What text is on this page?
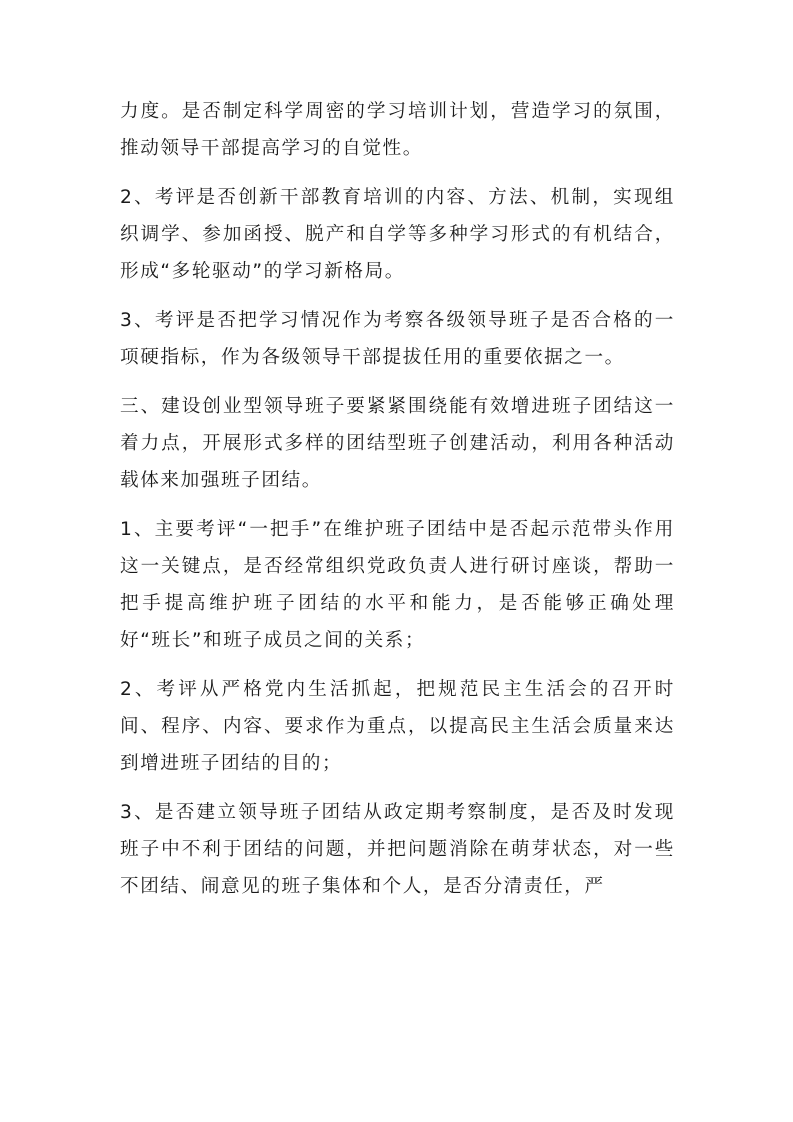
力度。是否制定科学周密的学习培训计划，营造学习的氛围，推动领导干部提高学习的自觉性。

2、考评是否创新干部教育培训的内容、方法、机制，实现组织调学、参加函授、脱产和自学等多种学习形式的有机结合，形成“多轮驱动”的学习新格局。

3、考评是否把学习情况作为考察各级领导班子是否合格的一项硬指标，作为各级领导干部提拔任用的重要依据之一。

三、建设创业型领导班子要紧紧围绕能有效增进班子团结这一着力点，开展形式多样的团结型班子创建活动，利用各种活动载体来加强班子团结。

1、主要考评“一把手”在维护班子团结中是否起示范带头作用这一关键点，是否经常组织党政负责人进行研讨座谈，帮助一把手提高维护班子团结的水平和能力，是否能够正确处理好“班长”和班子成员之间的关系；

2、考评从严格党内生活抓起，把规范民主生活会的召开时间、程序、内容、要求作为重点，以提高民主生活会质量来达到增进班子团结的目的；

3、是否建立领导班子团结从政定期考察制度，是否及时发现班子中不利于团结的问题，并把问题消除在萌芽状态，对一些不团结、闹意见的班子集体和个人，是否分清责任，严
